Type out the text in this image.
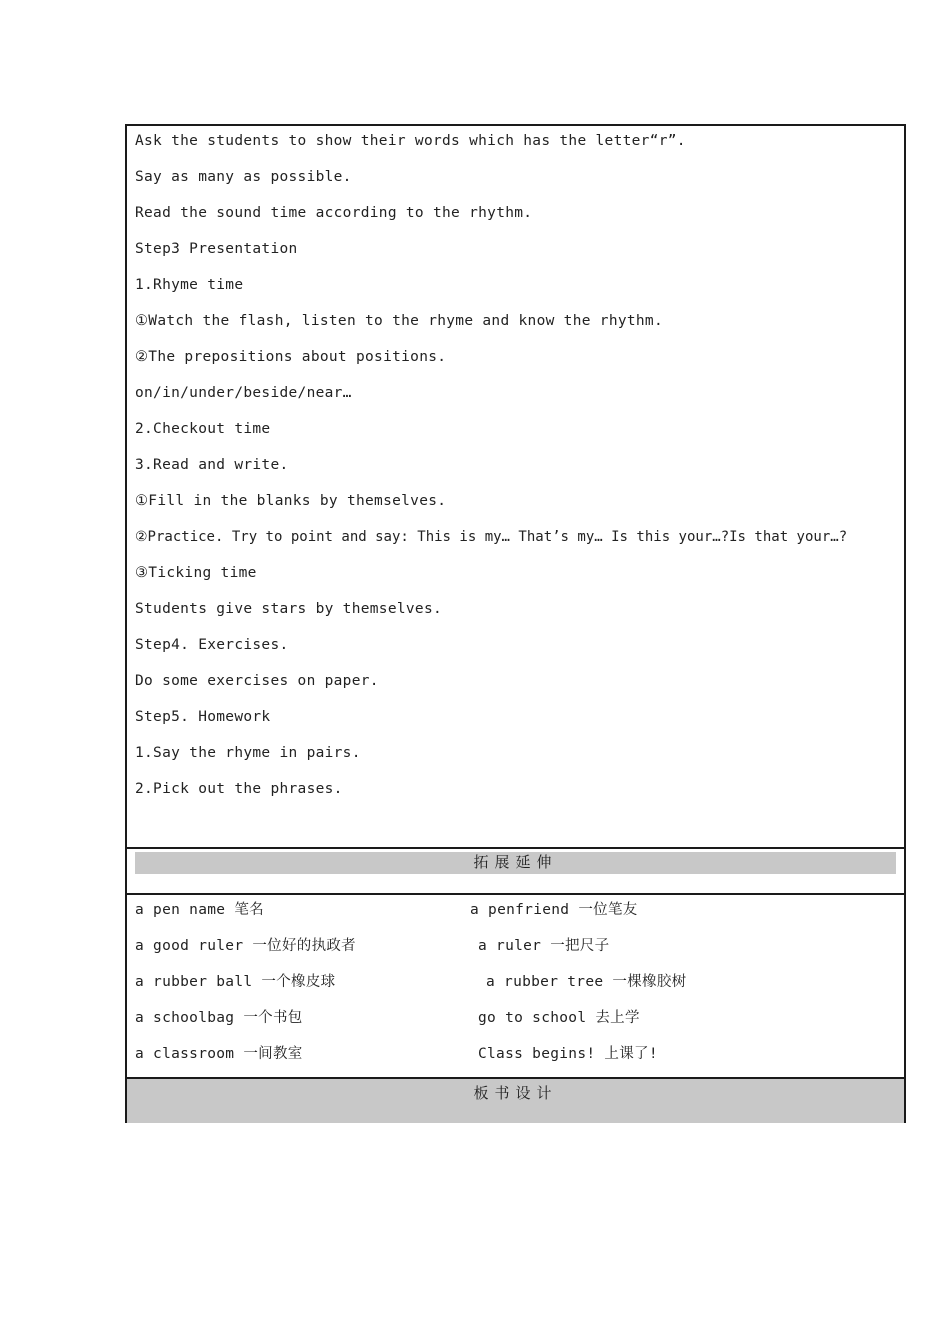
Ask the students to show their words which has the letter“r”.
Say as many as possible.
Read the sound time according to the rhythm.
Step3 Presentation
1.Rhyme time
①Watch the flash, listen to the rhyme and know the rhythm.
②The prepositions about positions.
on/in/under/beside/near…
2.Checkout time
3.Read and write.
①Fill in the blanks by themselves.
②Practice. Try to point and say: This is my… That’s my… Is this your…?Is that your…?
③Ticking time
Students give stars by themselves.
Step4. Exercises.
Do some exercises on paper.
Step5. Homework
1.Say the rhyme in pairs.
2.Pick out the phrases.
拓展延伸
a pen name 笔名	a penfriend 一位笔友
a good ruler 一位好的执政者	a ruler 一把尺子
a rubber ball 一个橡皮球	a rubber tree 一棵橡胶树
a schoolbag 一个书包	go to school 去上学
a classroom 一间教室	Class begins! 上课了!
板书设计
